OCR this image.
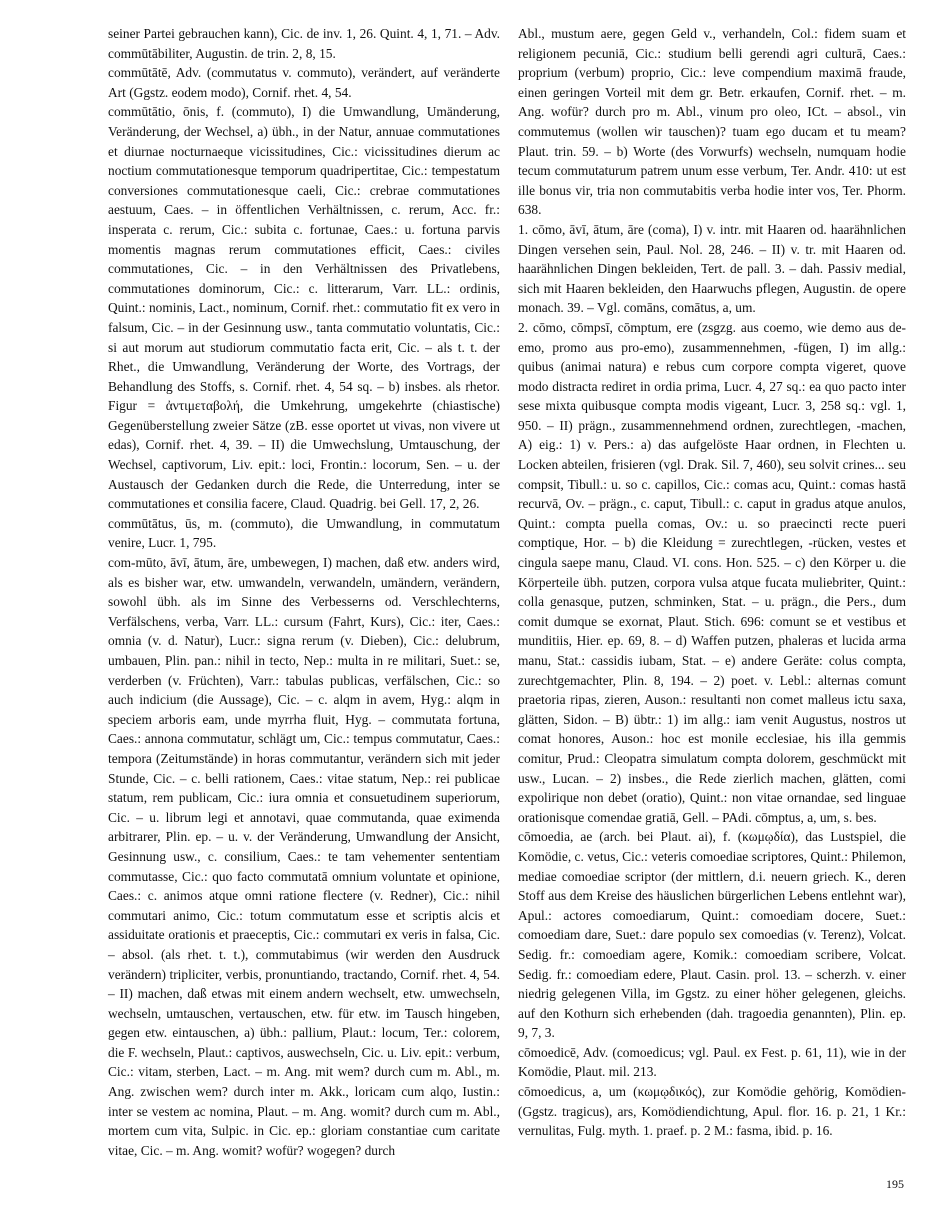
seiner Partei gebrauchen kann), Cic. de inv. 1, 26. Quint. 4, 1, 71. – Adv. commūtābiliter, Augustin. de trin. 2, 8, 15.

commūtātē, Adv. (commutatus v. commuto), verändert, auf veränderte Art (Ggstz. eodem modo), Cornif. rhet. 4, 54.

commūtātio, ōnis, f. (commuto), I) die Umwandlung, Umänderung, Veränderung, der Wechsel, a) übh., in der Natur, annuae commutationes et diurnae nocturnaeque vicissitudines, Cic.: vicissitudines dierum ac noctium commutationesque temporum quadripertitae, Cic.: tempestatum conversiones commutationesque caeli, Cic.: crebrae commutationes aestuum, Caes. – in öffentlichen Verhältnissen, c. rerum, Acc. fr.: insperata c. rerum, Cic.: subita c. fortunae, Caes.: u. fortuna parvis momentis magnas rerum commutationes efficit, Caes.: civiles commutationes, Cic. – in den Verhältnissen des Privatlebens, commutationes dominorum, Cic.: c. litterarum, Varr. LL.: ordinis, Quint.: nominis, Lact., nominum, Cornif. rhet.: commutatio fit ex vero in falsum, Cic. – in der Gesinnung usw., tanta commutatio voluntatis, Cic.: si aut morum aut studiorum commutatio facta erit, Cic. – als t. t. der Rhet., die Umwandlung, Veränderung der Worte, des Vortrags, der Behandlung des Stoffs, s. Cornif. rhet. 4, 54 sq. – b) insbes. als rhetor. Figur = ἀντιμεταβολή, die Umkehrung, umgekehrte (chiastische) Gegenüberstellung zweier Sätze (zB. esse oportet ut vivas, non vivere ut edas), Cornif. rhet. 4, 39. – II) die Umwechslung, Umtauschung, der Wechsel, captivorum, Liv. epit.: loci, Frontin.: locorum, Sen. – u. der Austausch der Gedanken durch die Rede, die Unterredung, inter se commutationes et consilia facere, Claud. Quadrig. bei Gell. 17, 2, 26.

commūtātus, ūs, m. (commuto), die Umwandlung, in commutatum venire, Lucr. 1, 795.

com-mūto, āvī, ātum, āre, umbewegen, I) machen, daß etw. anders wird, als es bisher war, etw. umwandeln, verwandeln, umändern, verändern, sowohl übh. als im Sinne des Verbesserns od. Verschlechterns, Verfälschens, verba, Varr. LL.: cursum (Fahrt, Kurs), Cic.: iter, Caes.: omnia (v. d. Natur), Lucr.: signa rerum (v. Dieben), Cic.: delubrum, umbauen, Plin. pan.: nihil in tecto, Nep.: multa in re militari, Suet.: se, verderben (v. Früchten), Varr.: tabulas publicas, verfälschen, Cic.: so auch indicium (die Aussage), Cic. – c. alqm in avem, Hyg.: alqm in speciem arboris eam, unde myrrha fluit, Hyg. – commutata fortuna, Caes.: annona commutatur, schlägt um, Cic.: tempus commutatur, Caes.: tempora (Zeitumstände) in horas commutantur, verändern sich mit jeder Stunde, Cic. – c. belli rationem, Caes.: vitae statum, Nep.: rei publicae statum, rem publicam, Cic.: iura omnia et consuetudinem superiorum, Cic. – u. librum legi et annotavi, quae commutanda, quae eximenda arbitrarer, Plin. ep. – u. v. der Veränderung, Umwandlung der Ansicht, Gesinnung usw., c. consilium, Caes.: te tam vehementer sententiam commutasse, Cic.: quo facto commutatā omnium voluntate et opinione, Caes.: c. animos atque omni ratione flectere (v. Redner), Cic.: nihil commutari animo, Cic.: totum commutatum esse et scriptis alcis et assiduitate orationis et praeceptis, Cic.: commutari ex veris in falsa, Cic. – absol. (als rhet. t. t.), commutabimus (wir werden den Ausdruck verändern) tripliciter, verbis, pronuntiando, tractando, Cornif. rhet. 4, 54. – II) machen, daß etwas mit einem andern wechselt, etw. umwechseln, wechseln, umtauschen, vertauschen, etw. für etw. im Tausch hingeben, gegen etw. eintauschen, a) übh.: pallium, Plaut.: locum, Ter.: colorem, die F. wechseln, Plaut.: captivos, auswechseln, Cic. u. Liv. epit.: verbum, Cic.: vitam, sterben, Lact. – m. Ang. mit wem? durch cum m. Abl., m. Ang. zwischen wem? durch inter m. Akk., loricam cum alqo, Iustin.: inter se vestem ac nomina, Plaut. – m. Ang. womit? durch cum m. Abl., mortem cum vita, Sulpic. in Cic. ep.: gloriam constantiae cum caritate vitae, Cic. – m. Ang. womit? wofür? wogegen? durch

Abl., mustum aere, gegen Geld v., verhandeln, Col.: fidem suam et religionem pecuniā, Cic.: studium belli gerendi agri culturā, Caes.: proprium (verbum) proprio, Cic.: leve compendium maximā fraude, einen geringen Vorteil mit dem gr. Betr. erkaufen, Cornif. rhet. – m. Ang. wofür? durch pro m. Abl., vinum pro oleo, ICt. – absol., vin commutemus (wollen wir tauschen)? tuam ego ducam et tu meam? Plaut. trin. 59. – b) Worte (des Vorwurfs) wechseln, numquam hodie tecum commutaturum patrem unum esse verbum, Ter. Andr. 410: ut est ille bonus vir, tria non commutabitis verba hodie inter vos, Ter. Phorm. 638.

1. cōmo, āvī, ātum, āre (coma), I) v. intr. mit Haaren od. haarähnlichen Dingen versehen sein, Paul. Nol. 28, 246. – II) v. tr. mit Haaren od. haarähnlichen Dingen bekleiden, Tert. de pall. 3. – dah. Passiv medial, sich mit Haaren bekleiden, den Haarwuchs pflegen, Augustin. de opere monach. 39. – Vgl. comāns, comātus, a, um.

2. cōmo, cōmpsī, cōmptum, ere (zsgzg. aus coemo, wie demo aus de-emo, promo aus pro-emo), zusammennehmen, -fügen, I) im allg.: quibus (animai natura) e rebus cum corpore compta vigeret, quove modo distracta rediret in ordia prima, Lucr. 4, 27 sq.: ea quo pacto inter sese mixta quibusque compta modis vigeant, Lucr. 3, 258 sq.: vgl. 1, 950. – II) prägn., zusammennehmend ordnen, zurechtlegen, -machen, A) eig.: 1) v. Pers.: a) das aufgelöste Haar ordnen, in Flechten u. Locken abteilen, frisieren (vgl. Drak. Sil. 7, 460), seu solvit crines... seu compsit, Tibull.: u. so c. capillos, Cic.: comas acu, Quint.: comas hastā recurvā, Ov. – prägn., c. caput, Tibull.: c. caput in gradus atque anulos, Quint.: compta puella comas, Ov.: u. so praecincti recte pueri comptique, Hor. – b) die Kleidung = zurechtlegen, -rücken, vestes et cingula saepe manu, Claud. VI. cons. Hon. 525. – c) den Körper u. die Körperteile übh. putzen, corpora vulsa atque fucata muliebriter, Quint.: colla genasque, putzen, schminken, Stat. – u. prägn., die Pers., dum comit dumque se exornat, Plaut. Stich. 696: comunt se et vestibus et munditiis, Hier. ep. 69, 8. – d) Waffen putzen, phaleras et lucida arma manu, Stat.: cassidis iubam, Stat. – e) andere Geräte: colus compta, zurechtgemachter, Plin. 8, 194. – 2) poet. v. Lebl.: alternas comunt praetoria ripas, zieren, Auson.: resultanti non comet malleus ictu saxa, glätten, Sidon. – B) übtr.: 1) im allg.: iam venit Augustus, nostros ut comat honores, Auson.: hoc est monile ecclesiae, his illa gemmis comitur, Prud.: Cleopatra simulatum compta dolorem, geschmückt mit usw., Lucan. – 2) insbes., die Rede zierlich machen, glätten, comi expolirique non debet (oratio), Quint.: non vitae ornandae, sed linguae orationisque comendae gratiā, Gell. – PAdi. cōmptus, a, um, s. bes.

cōmoedia, ae (arch. bei Plaut. ai), f. (κωμῳδία), das Lustspiel, die Komödie, c. vetus, Cic.: veteris comoediae scriptores, Quint.: Philemon, mediae comoediae scriptor (der mittlern, d.i. neuern griech. K., deren Stoff aus dem Kreise des häuslichen bürgerlichen Lebens entlehnt war), Apul.: actores comoediarum, Quint.: comoediam docere, Suet.: comoediam dare, Suet.: dare populo sex comoedias (v. Terenz), Volcat. Sedig. fr.: comoediam agere, Komik.: comoediam scribere, Volcat. Sedig. fr.: comoediam edere, Plaut. Casin. prol. 13. – scherzh. v. einer niedrig gelegenen Villa, im Ggstz. zu einer höher gelegenen, gleichs. auf den Kothurn sich erhebenden (dah. tragoedia genannten), Plin. ep. 9, 7, 3.

cōmoedicē, Adv. (comoedicus; vgl. Paul. ex Fest. p. 61, 11), wie in der Komödie, Plaut. mil. 213.

cōmoedicus, a, um (κωμῳδικός), zur Komödie gehörig, Komödien- (Ggstz. tragicus), ars, Komödiendichtung, Apul. flor. 16. p. 21, 1 Kr.: vernulitas, Fulg. myth. 1. praef. p. 2 M.: fasma, ibid. p. 16.

195
